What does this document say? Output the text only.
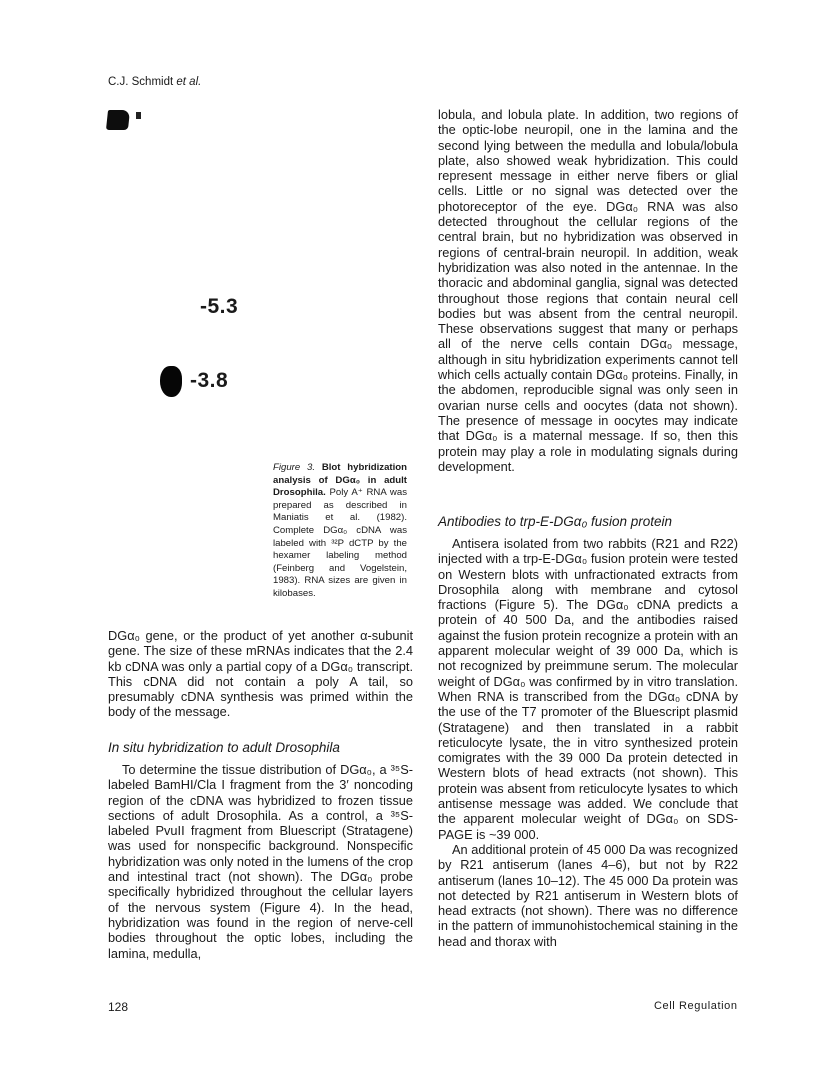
C.J. Schmidt et al.
-5.3
-3.8
Figure 3. Blot hybridization analysis of DGα₀ in adult Drosophila. Poly A⁺ RNA was prepared as described in Maniatis et al. (1982). Complete DGα₀ cDNA was labeled with ³²P dCTP by the hexamer labeling method (Feinberg and Vogelstein, 1983). RNA sizes are given in kilobases.

DGα₀ gene, or the product of yet another α-subunit gene. The size of these mRNAs indicates that the 2.4 kb cDNA was only a partial copy of a DGα₀ transcript. This cDNA did not contain a poly A tail, so presumably cDNA synthesis was primed within the body of the message.

In situ hybridization to adult Drosophila

To determine the tissue distribution of DGα₀, a ³⁵S-labeled BamHI/Cla I fragment from the 3′ noncoding region of the cDNA was hybridized to frozen tissue sections of adult Drosophila. As a control, a ³⁵S-labeled PvuII fragment from Bluescript (Stratagene) was used for nonspecific background. Nonspecific hybridization was only noted in the lumens of the crop and intestinal tract (not shown). The DGα₀ probe specifically hybridized throughout the cellular layers of the nervous system (Figure 4). In the head, hybridization was found in the region of nerve-cell bodies throughout the optic lobes, including the lamina, medulla,

lobula, and lobula plate. In addition, two regions of the optic-lobe neuropil, one in the lamina and the second lying between the medulla and lobula/lobula plate, also showed weak hybridization. This could represent message in either nerve fibers or glial cells. Little or no signal was detected over the photoreceptor of the eye. DGα₀ RNA was also detected throughout the cellular regions of the central brain, but no hybridization was observed in regions of central-brain neuropil. In addition, weak hybridization was also noted in the antennae. In the thoracic and abdominal ganglia, signal was detected throughout those regions that contain neural cell bodies but was absent from the central neuropil. These observations suggest that many or perhaps all of the nerve cells contain DGα₀ message, although in situ hybridization experiments cannot tell which cells actually contain DGα₀ proteins. Finally, in the abdomen, reproducible signal was only seen in ovarian nurse cells and oocytes (data not shown). The presence of message in oocytes may indicate that DGα₀ is a maternal message. If so, then this protein may play a role in modulating signals during development.

Antibodies to trp-E-DGα₀ fusion protein

Antisera isolated from two rabbits (R21 and R22) injected with a trp-E-DGα₀ fusion protein were tested on Western blots with unfractionated extracts from Drosophila along with membrane and cytosol fractions (Figure 5). The DGα₀ cDNA predicts a protein of 40 500 Da, and the antibodies raised against the fusion protein recognize a protein with an apparent molecular weight of 39 000 Da, which is not recognized by preimmune serum. The molecular weight of DGα₀ was confirmed by in vitro translation. When RNA is transcribed from the DGα₀ cDNA by the use of the T7 promoter of the Bluescript plasmid (Stratagene) and then translated in a rabbit reticulocyte lysate, the in vitro synthesized protein comigrates with the 39 000 Da protein detected in Western blots of head extracts (not shown). This protein was absent from reticulocyte lysates to which antisense message was added. We conclude that the apparent molecular weight of DGα₀ on SDS-PAGE is ~39 000.

An additional protein of 45 000 Da was recognized by R21 antiserum (lanes 4–6), but not by R22 antiserum (lanes 10–12). The 45 000 Da protein was not detected by R21 antiserum in Western blots of head extracts (not shown). There was no difference in the pattern of immunohistochemical staining in the head and thorax with

128	Cell Regulation
